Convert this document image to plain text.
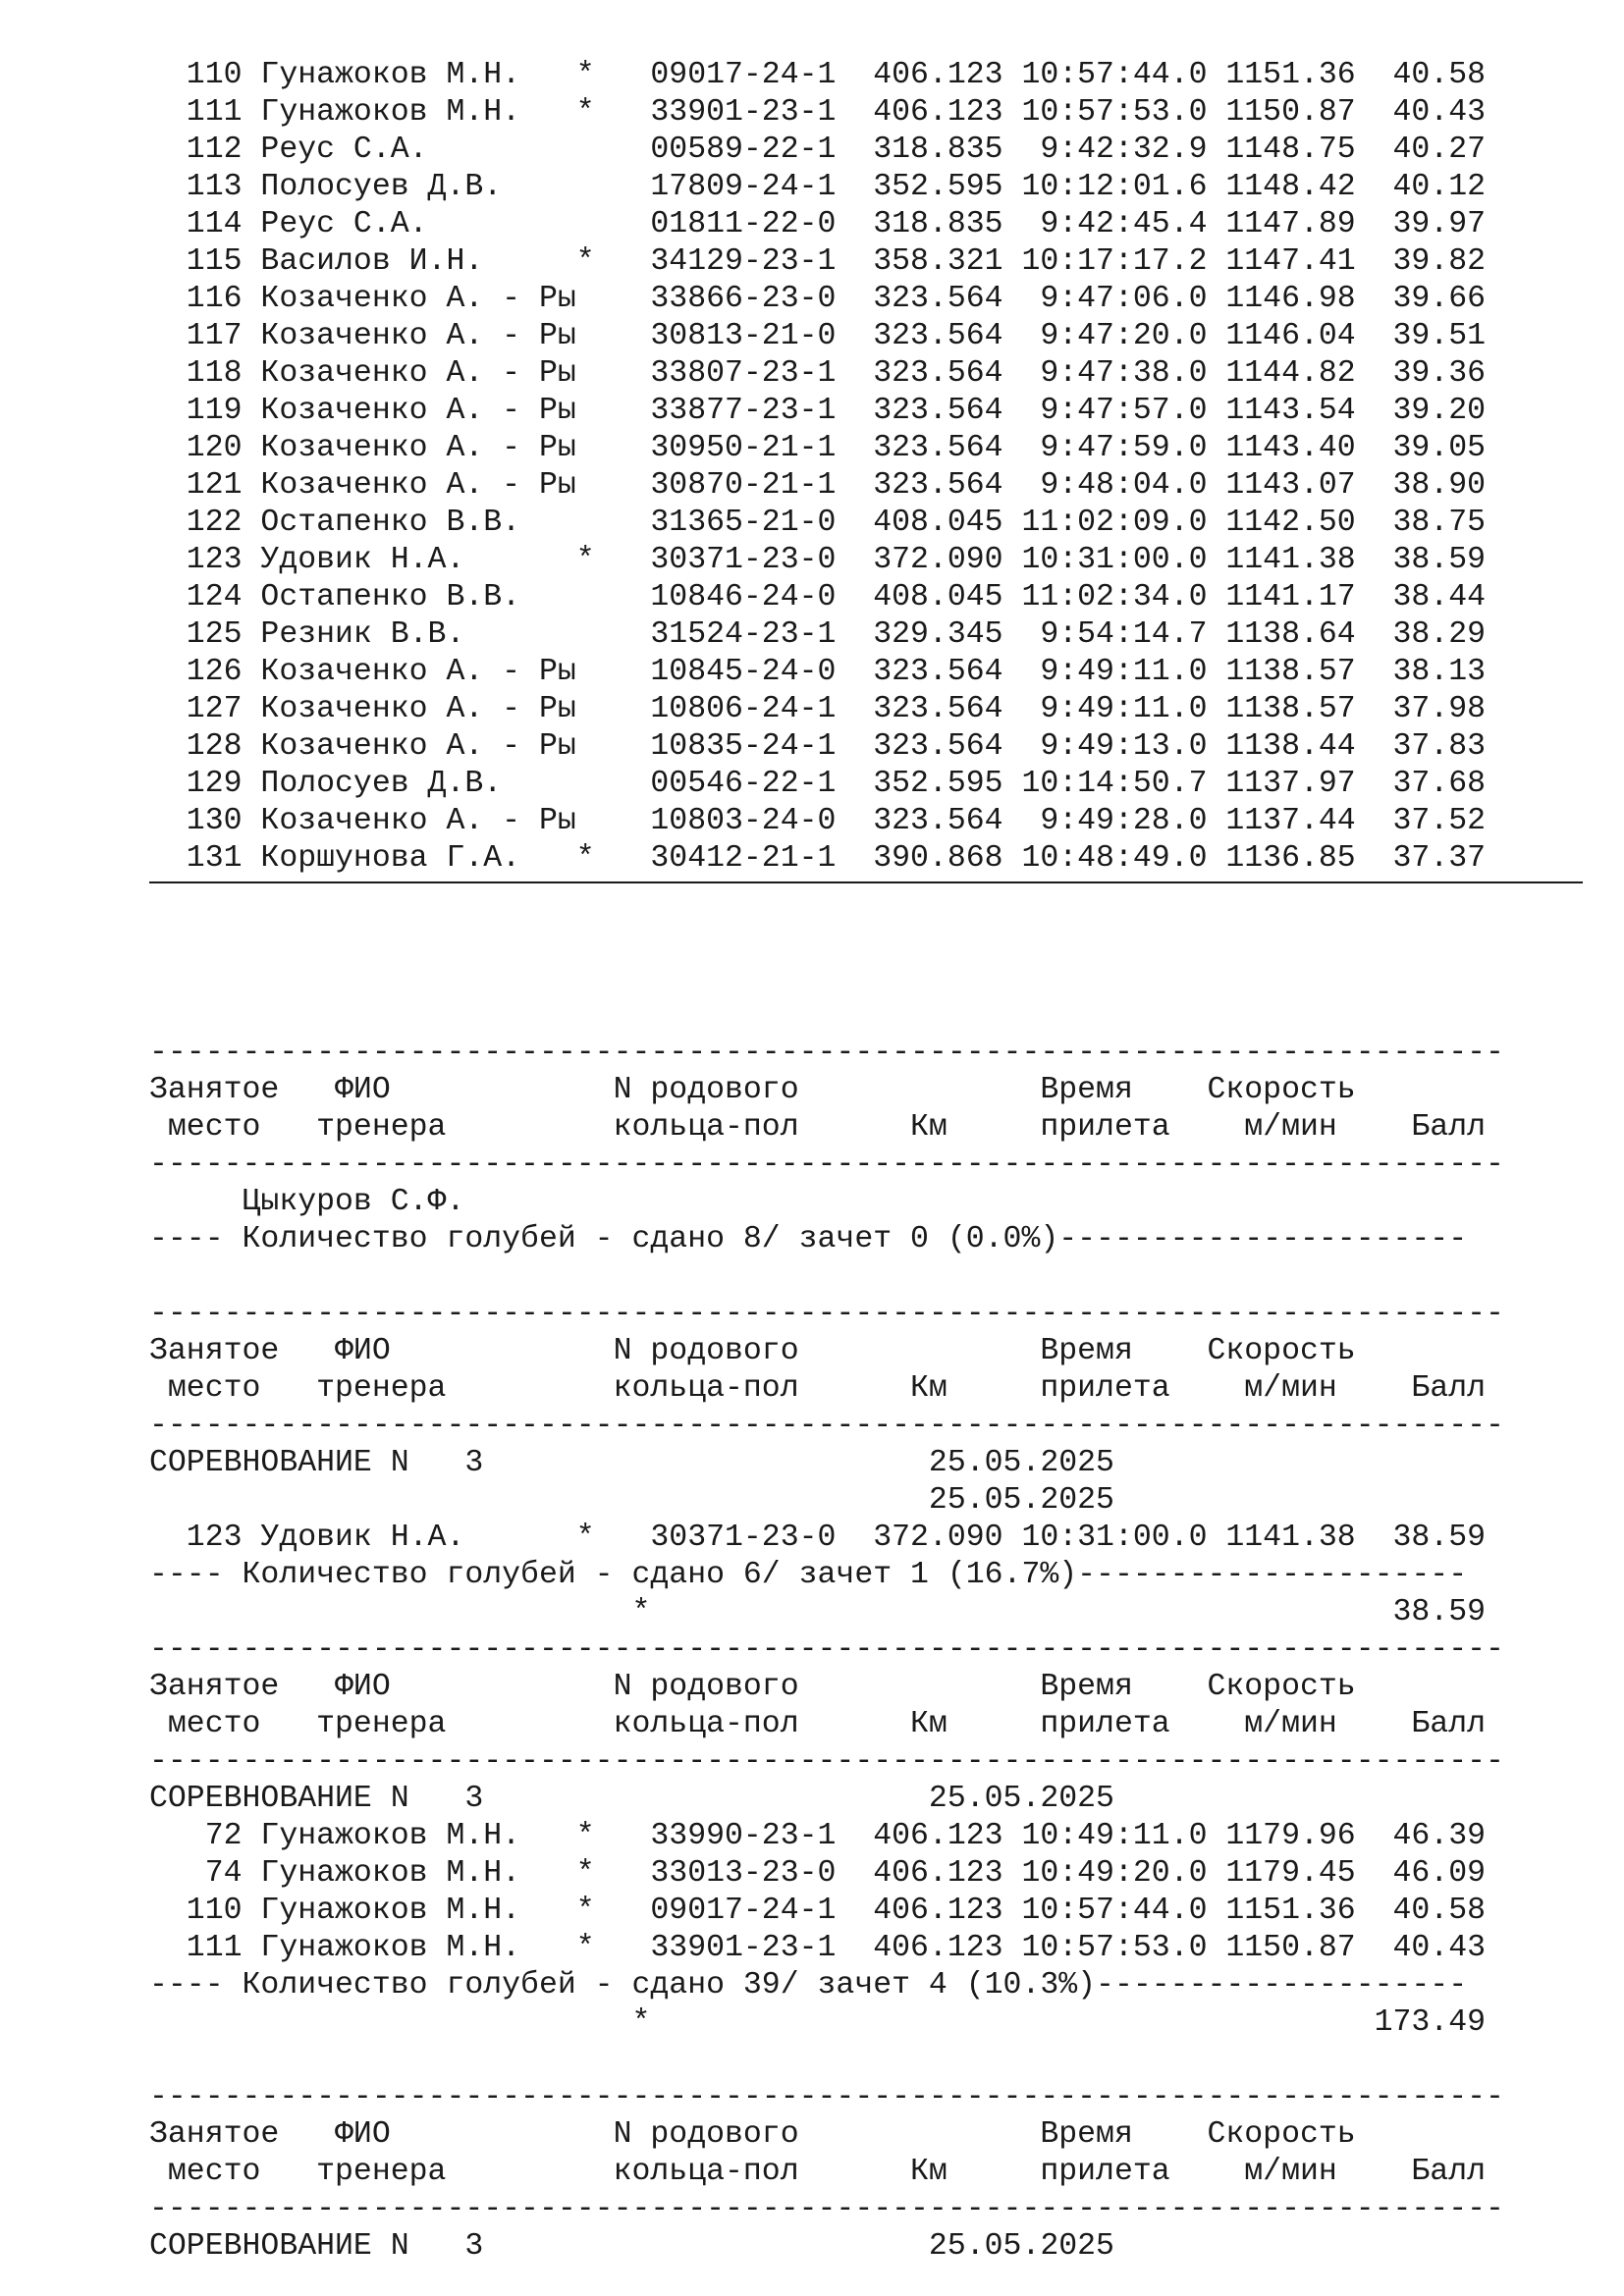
110 Гунажоков М.Н.   *   09017-24-1  406.123 10:57:44.0 1151.36  40.58
111 Гунажоков М.Н.   *   33901-23-1  406.123 10:57:53.0 1150.87  40.43
112 Реус С.А.            00589-22-1  318.835  9:42:32.9 1148.75  40.27
113 Полосуев Д.В.        17809-24-1  352.595 10:12:01.6 1148.42  40.12
114 Реус С.А.            01811-22-0  318.835  9:42:45.4 1147.89  39.97
115 Василов И.Н.     *   34129-23-1  358.321 10:17:17.2 1147.41  39.82
116 Козаченко А. - Ры    33866-23-0  323.564  9:47:06.0 1146.98  39.66
117 Козаченко А. - Ры    30813-21-0  323.564  9:47:20.0 1146.04  39.51
118 Козаченко А. - Ры    33807-23-1  323.564  9:47:38.0 1144.82  39.36
119 Козаченко А. - Ры    33877-23-1  323.564  9:47:57.0 1143.54  39.20
120 Козаченко А. - Ры    30950-21-1  323.564  9:47:59.0 1143.40  39.05
121 Козаченко А. - Ры    30870-21-1  323.564  9:48:04.0 1143.07  38.90
122 Остапенко В.В.       31365-21-0  408.045 11:02:09.0 1142.50  38.75
123 Удовик Н.А.      *   30371-23-0  372.090 10:31:00.0 1141.38  38.59
124 Остапенко В.В.       10846-24-0  408.045 11:02:34.0 1141.17  38.44
125 Резник В.В.          31524-23-1  329.345  9:54:14.7 1138.64  38.29
126 Козаченко А. - Ры    10845-24-0  323.564  9:49:11.0 1138.57  38.13
127 Козаченко А. - Ры    10806-24-1  323.564  9:49:11.0 1138.57  37.98
128 Козаченко А. - Ры    10835-24-1  323.564  9:49:13.0 1138.44  37.83
129 Полосуев Д.В.        00546-22-1  352.595 10:14:50.7 1137.97  37.68
130 Козаченко А. - Ры    10803-24-0  323.564  9:49:28.0 1137.44  37.52
131 Коршунова Г.А.   *   30412-21-1  390.868 10:48:49.0 1136.85  37.37
-------------------------------------------------------------------------
Занятое   ФИО            N родового             Время    Скорость
место   тренера         кольца-пол      Км     прилета    м/мин    Балл
-------------------------------------------------------------------------
Цыкуров С.Ф.
---- Количество голубей - сдано 8/ зачет 0 (0.0%)----------------------
-------------------------------------------------------------------------
Занятое   ФИО            N родового             Время    Скорость
место   тренера         кольца-пол      Км     прилета    м/мин    Балл
-------------------------------------------------------------------------
СОРЕВНОВАНИЕ N   3                        25.05.2025
25.05.2025
123 Удовик Н.А.      *   30371-23-0  372.090 10:31:00.0 1141.38  38.59
---- Количество голубей - сдано 6/ зачет 1 (16.7%)---------------------
*                                        38.59
-------------------------------------------------------------------------
Занятое   ФИО            N родового             Время    Скорость
место   тренера         кольца-пол      Км     прилета    м/мин    Балл
-------------------------------------------------------------------------
СОРЕВНОВАНИЕ N   3                        25.05.2025
72 Гунажоков М.Н.   *   33990-23-1  406.123 10:49:11.0 1179.96  46.39
74 Гунажоков М.Н.   *   33013-23-0  406.123 10:49:20.0 1179.45  46.09
110 Гунажоков М.Н.   *   09017-24-1  406.123 10:57:44.0 1151.36  40.58
111 Гунажоков М.Н.   *   33901-23-1  406.123 10:57:53.0 1150.87  40.43
---- Количество голубей - сдано 39/ зачет 4 (10.3%)--------------------
*                                       173.49
-------------------------------------------------------------------------
Занятое   ФИО            N родового             Время    Скорость
место   тренера         кольца-пол      Км     прилета    м/мин    Балл
-------------------------------------------------------------------------
СОРЕВНОВАНИЕ N   3                        25.05.2025
